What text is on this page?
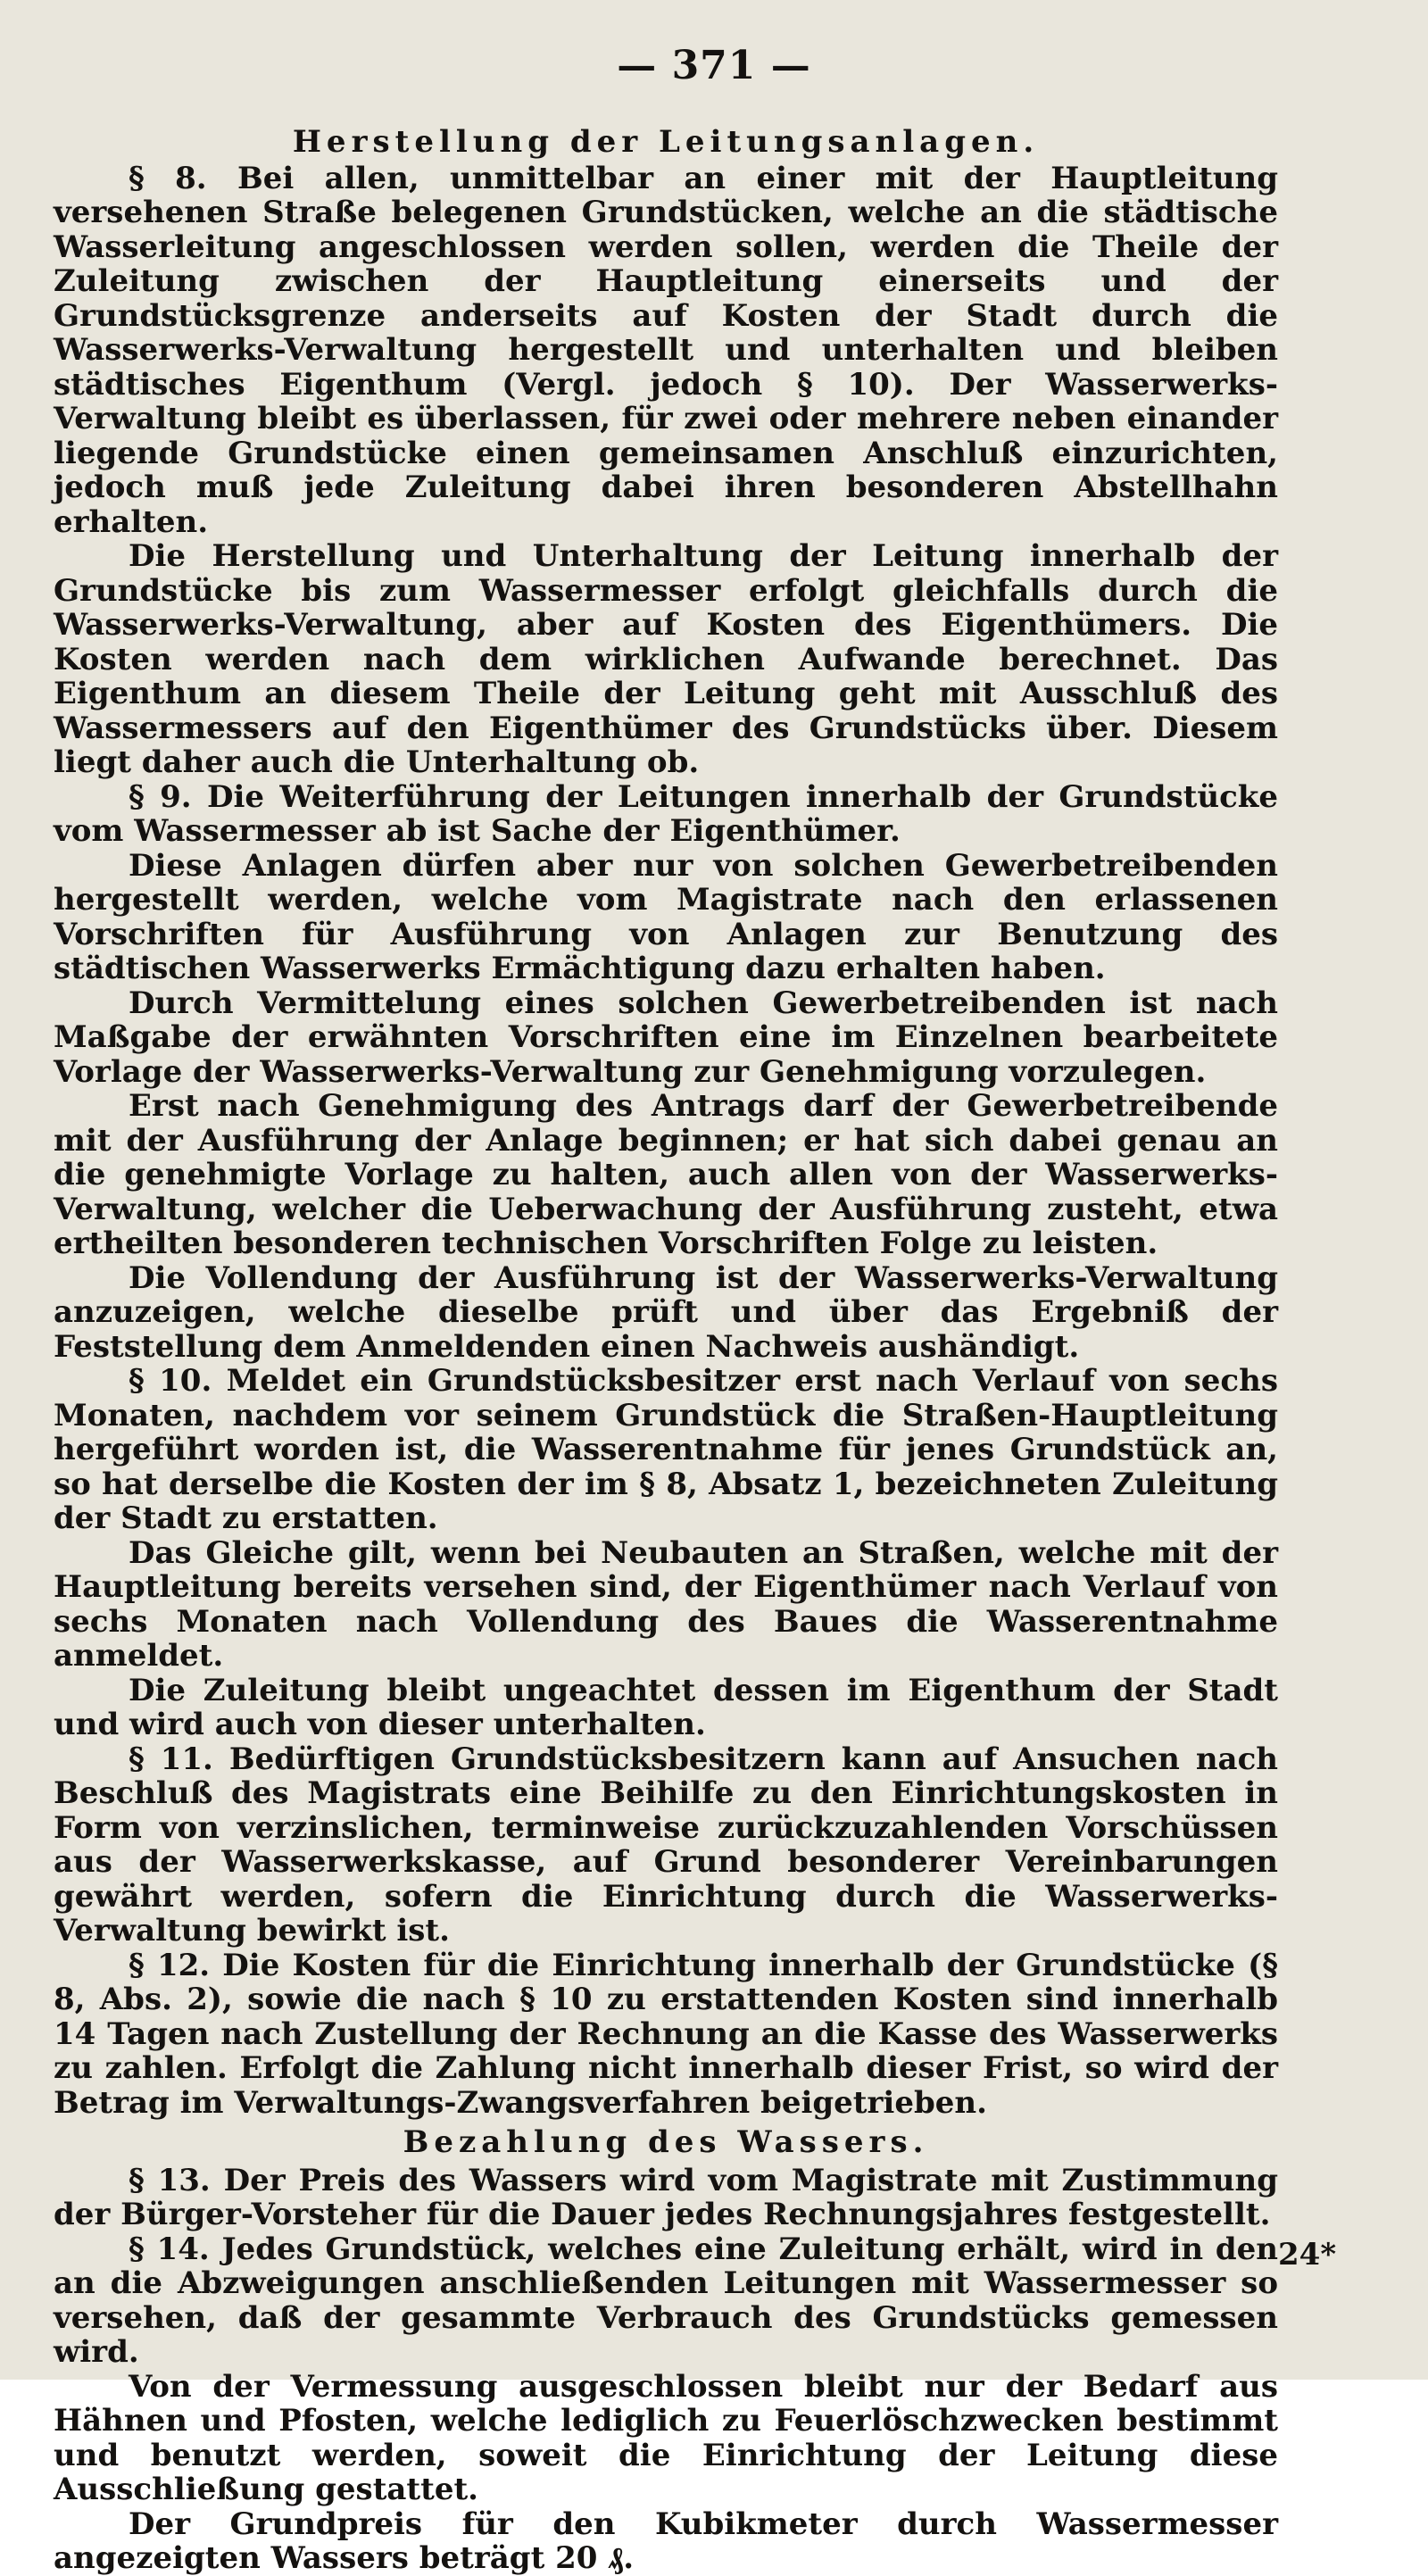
— 371 —
Herstellung der Leitungsanlagen.

§ 8. Bei allen, unmittelbar an einer mit der Hauptleitung versehenen Straße belegenen Grundstücken, welche an die städtische Wasserleitung angeschlossen werden sollen, werden die Theile der Zuleitung zwischen der Hauptleitung einerseits und der Grundstücksgrenze anderseits auf Kosten der Stadt durch die Wasserwerks-Verwaltung hergestellt und unterhalten und bleiben städtisches Eigenthum (Vergl. jedoch § 10). Der Wasserwerks-Verwaltung bleibt es überlassen, für zwei oder mehrere neben einander liegende Grundstücke einen gemeinsamen Anschluß einzurichten, jedoch muß jede Zuleitung dabei ihren besonderen Abstellhahn erhalten.

Die Herstellung und Unterhaltung der Leitung innerhalb der Grundstücke bis zum Wassermesser erfolgt gleichfalls durch die Wasserwerks-Verwaltung, aber auf Kosten des Eigenthümers. Die Kosten werden nach dem wirklichen Aufwande berechnet. Das Eigenthum an diesem Theile der Leitung geht mit Ausschluß des Wassermessers auf den Eigenthümer des Grundstücks über. Diesem liegt daher auch die Unterhaltung ob.

§ 9. Die Weiterführung der Leitungen innerhalb der Grundstücke vom Wassermesser ab ist Sache der Eigenthümer.

Diese Anlagen dürfen aber nur von solchen Gewerbetreibenden hergestellt werden, welche vom Magistrate nach den erlassenen Vorschriften für Ausführung von Anlagen zur Benutzung des städtischen Wasserwerks Ermächtigung dazu erhalten haben.

Durch Vermittelung eines solchen Gewerbetreibenden ist nach Maßgabe der erwähnten Vorschriften eine im Einzelnen bearbeitete Vorlage der Wasserwerks-Verwaltung zur Genehmigung vorzulegen.

Erst nach Genehmigung des Antrags darf der Gewerbetreibende mit der Ausführung der Anlage beginnen; er hat sich dabei genau an die genehmigte Vorlage zu halten, auch allen von der Wasserwerks-Verwaltung, welcher die Ueberwachung der Ausführung zusteht, etwa ertheilten besonderen technischen Vorschriften Folge zu leisten.

Die Vollendung der Ausführung ist der Wasserwerks-Verwaltung anzuzeigen, welche dieselbe prüft und über das Ergebniß der Feststellung dem Anmeldenden einen Nachweis aushändigt.

§ 10. Meldet ein Grundstücksbesitzer erst nach Verlauf von sechs Monaten, nachdem vor seinem Grundstück die Straßen-Hauptleitung hergeführt worden ist, die Wasserentnahme für jenes Grundstück an, so hat derselbe die Kosten der im § 8, Absatz 1, bezeichneten Zuleitung der Stadt zu erstatten.

Das Gleiche gilt, wenn bei Neubauten an Straßen, welche mit der Hauptleitung bereits versehen sind, der Eigenthümer nach Verlauf von sechs Monaten nach Vollendung des Baues die Wasserentnahme anmeldet.

Die Zuleitung bleibt ungeachtet dessen im Eigenthum der Stadt und wird auch von dieser unterhalten.

§ 11. Bedürftigen Grundstücksbesitzern kann auf Ansuchen nach Beschluß des Magistrats eine Beihilfe zu den Einrichtungskosten in Form von verzinslichen, terminweise zurückzuzahlenden Vorschüssen aus der Wasserwerkskasse, auf Grund besonderer Vereinbarungen gewährt werden, sofern die Einrichtung durch die Wasserwerks-Verwaltung bewirkt ist.

§ 12. Die Kosten für die Einrichtung innerhalb der Grundstücke (§ 8, Abs. 2), sowie die nach § 10 zu erstattenden Kosten sind innerhalb 14 Tagen nach Zustellung der Rechnung an die Kasse des Wasserwerks zu zahlen. Erfolgt die Zahlung nicht innerhalb dieser Frist, so wird der Betrag im Verwaltungs-Zwangsverfahren beigetrieben.

Bezahlung des Wassers.

§ 13. Der Preis des Wassers wird vom Magistrate mit Zustimmung der Bürger-Vorsteher für die Dauer jedes Rechnungsjahres festgestellt.

§ 14. Jedes Grundstück, welches eine Zuleitung erhält, wird in den an die Abzweigungen anschließenden Leitungen mit Wassermesser so versehen, daß der gesammte Verbrauch des Grundstücks gemessen wird.

Von der Vermessung ausgeschlossen bleibt nur der Bedarf aus Hähnen und Pfosten, welche lediglich zu Feuerlöschzwecken bestimmt und benutzt werden, soweit die Einrichtung der Leitung diese Ausschließung gestattet.

Der Grundpreis für den Kubikmeter durch Wassermesser angezeigten Wassers beträgt 20 ₰.

24*
